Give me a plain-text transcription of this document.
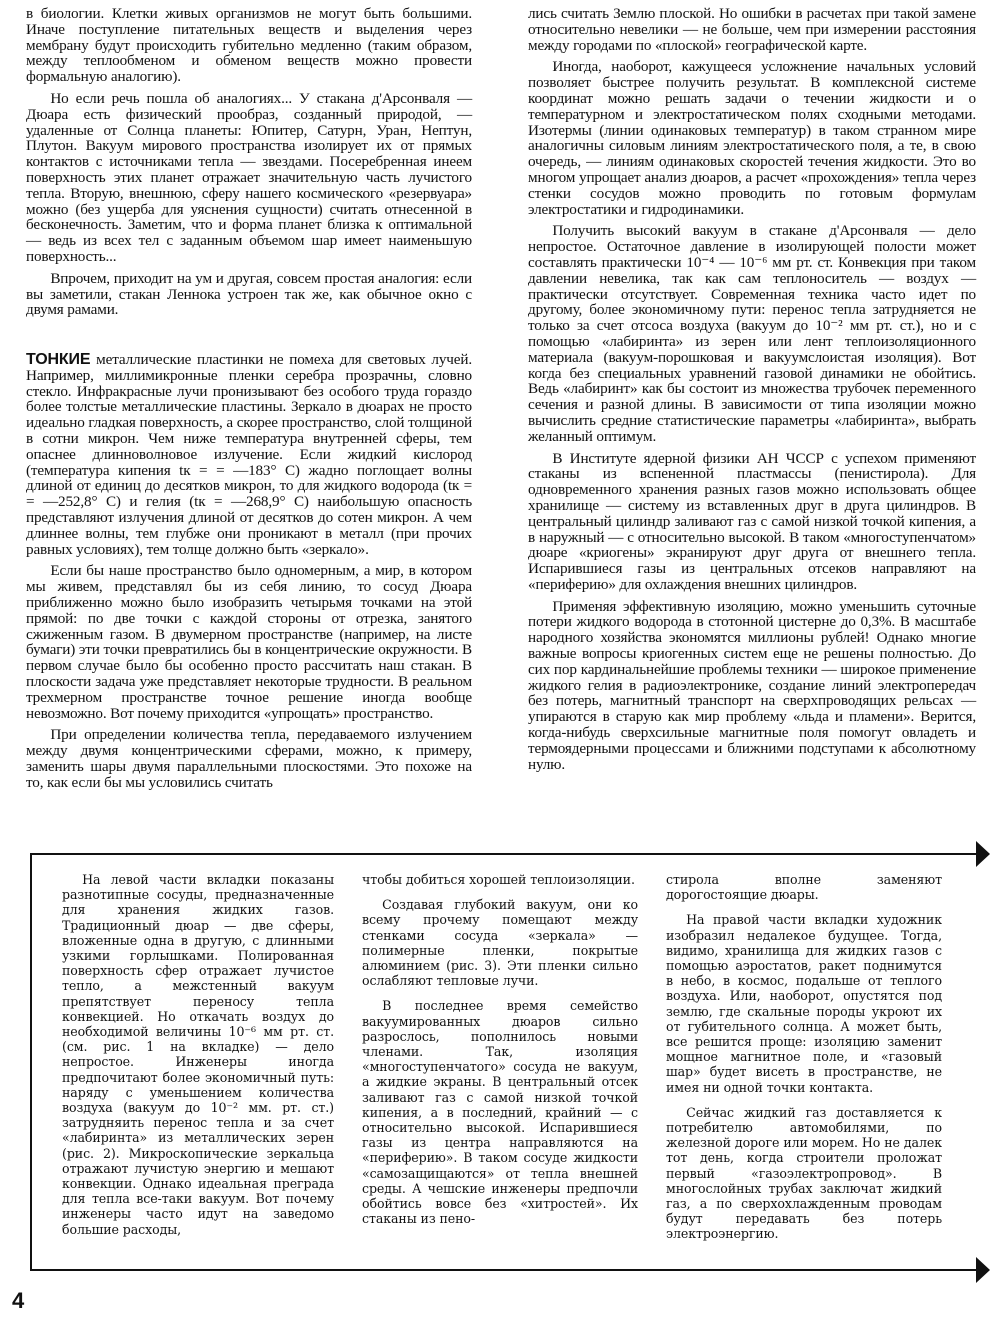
в биологии. Клетки живых организмов не могут быть большими. Иначе поступление питательных веществ и выделения через мембрану будут происходить губительно медленно (таким образом, между теплообменом и обменом веществ можно провести формальную аналогию).

Но если речь пошла об аналогиях... У стакана д'Арсонваля — Дюара есть физический прообраз, созданный природой, — удаленные от Солнца планеты: Юпитер, Сатурн, Уран, Нептун, Плутон. Вакуум мирового пространства изолирует их от прямых контактов с источниками тепла — звездами. Посеребренная инеем поверхность этих планет отражает значительную часть лучистого тепла. Вторую, внешнюю, сферу нашего космического «резервуара» можно (без ущерба для уяснения сущности) считать отнесенной в бесконечность. Заметим, что и форма планет близка к оптимальной — ведь из всех тел с заданным объемом шар имеет наименьшую поверхность...

Впрочем, приходит на ум и другая, совсем простая аналогия: если вы заметили, стакан Леннока устроен так же, как обычное окно с двумя рамами.

ТОНКИЕ металлические пластинки не помеха для световых лучей. Например, миллимикронные пленки серебра прозрачны, словно стекло. Инфракрасные лучи пронизывают без особого труда гораздо более толстые металлические пластины. Зеркало в дюарах не просто идеально гладкая поверхность, а скорее пространство, слой толщиной в сотни микрон. Чем ниже температура внутренней сферы, тем опаснее длинноволновое излучение. Если жидкий кислород (температура кипения tк = = —183° С) жадно поглощает волны длиной от единиц до десятков микрон, то для жидкого водорода (tк = = —252,8° С) и гелия (tк = —268,9° С) наибольшую опасность представляют излучения длиной от десятков до сотен микрон. А чем длиннее волны, тем глубже они проникают в металл (при прочих равных условиях), тем толще должно быть «зеркало».

Если бы наше пространство было одномерным, а мир, в котором мы живем, представлял бы из себя линию, то сосуд Дюара приближенно можно было изобразить четырьмя точками на этой прямой: по две точки с каждой стороны от отрезка, занятого сжиженным газом. В двумерном пространстве (например, на листе бумаги) эти точки превратились бы в концентрические окружности. В первом случае было бы особенно просто рассчитать наш стакан. В плоскости задача уже представляет некоторые трудности. В реальном трехмерном пространстве точное решение иногда вообще невозможно. Вот почему приходится «упрощать» пространство.

При определении количества тепла, передаваемого излучением между двумя концентрическими сферами, можно, к примеру, заменить шары двумя параллельными плоскостями. Это похоже на то, как если бы мы условились считать

лись считать Землю плоской. Но ошибки в расчетах при такой замене относительно невелики — не больше, чем при измерении расстояния между городами по «плоской» географической карте.

Иногда, наоборот, кажущееся усложнение начальных условий позволяет быстрее получить результат. В комплексной системе координат можно решать задачи о течении жидкости и о температурном и электростатическом полях сходными методами. Изотермы (линии одинаковых температур) в таком странном мире аналогичны силовым линиям электростатического поля, а те, в свою очередь, — линиям одинаковых скоростей течения жидкости. Это во многом упрощает анализ дюаров, а расчет «прохождения» тепла через стенки сосудов можно проводить по готовым формулам электростатики и гидродинамики.

Получить высокий вакуум в стакане д'Арсонваля — дело непростое. Остаточное давление в изолирующей полости может составлять практически 10⁻⁴ — 10⁻⁶ мм рт. ст. Конвекция при таком давлении невелика, так как сам теплоноситель — воздух — практически отсутствует. Современная техника часто идет по другому, более экономичному пути: перенос тепла затрудняется не только за счет отсоса воздуха (вакуум до 10⁻² мм рт. ст.), но и с помощью «лабиринта» из зерен или лент теплоизоляционного материала (вакуум-порошковая и вакуумслоистая изоляция). Вот когда без специальных уравнений газовой динамики не обойтись. Ведь «лабиринт» как бы состоит из множества трубочек переменного сечения и разной длины. В зависимости от типа изоляции можно вычислить средние статистические параметры «лабиринта», выбрать желанный оптимум.

В Институте ядерной физики АН ЧССР с успехом применяют стаканы из вспененной пластмассы (пенистирола). Для одновременного хранения разных газов можно использовать общее хранилище — систему из вставленных друг в друга цилиндров. В центральный цилиндр заливают газ с самой низкой точкой кипения, а в наружный — с относительно высокой. В таком «многоступенчатом» дюаре «криогены» экранируют друг друга от внешнего тепла. Испарившиеся газы из центральных отсеков направляют на «периферию» для охлаждения внешних цилиндров.

Применяя эффективную изоляцию, можно уменьшить суточные потери жидкого водорода в стотонной цистерне до 0,3%. В масштабе народного хозяйства экономятся миллионы рублей! Однако многие важные вопросы криогенных систем еще не решены полностью. До сих пор кардинальнейшие проблемы техники — широкое применение жидкого гелия в радиоэлектронике, создание линий электропередач без потерь, магнитный транспорт на сверхпроводящих рельсах — упираются в старую как мир проблему «льда и пламени». Верится, когда-нибудь сверхсильные магнитные поля помогут овладеть и термоядерными процессами и ближними подступами к абсолютному нулю.

На левой части вкладки показаны разнотипные сосуды, предназначенные для хранения жидких газов. Традиционный дюар — две сферы, вложенные одна в другую, с длинными узкими горлышками. Полированная поверхность сфер отражает лучистое тепло, а межстенный вакуум препятствует переносу тепла конвекцией. Но откачать воздух до необходимой величины 10⁻⁶ мм рт. ст. (см. рис. 1 на вкладке) — дело непростое. Инженеры иногда предпочитают более экономичный путь: наряду с уменьшением количества воздуха (вакуум до 10⁻² мм. рт. ст.) затрудняить перенос тепла и за счет «лабиринта» из металлических зерен (рис. 2). Микроскопические зеркальца отражают лучистую энергию и мешают конвекции. Однако идеальная преграда для тепла все-таки вакуум. Вот почему инженеры часто идут на заведомо большие расходы,

чтобы добиться хорошей теплоизоляции.

Создавая глубокий вакуум, они ко всему прочему помещают между стенками сосуда «зеркала» — полимерные пленки, покрытые алюминием (рис. 3). Эти пленки сильно ослабляют тепловые лучи.

В последнее время семейство вакуумированных дюаров сильно разрослось, пополнилось новыми членами. Так, изоляция «многоступенчатого» сосуда не вакуум, а жидкие экраны. В центральный отсек заливают газ с самой низкой точкой кипения, а в последний, крайний — с относительно высокой. Испарившиеся газы из центра направляются на «периферию». В таком сосуде жидкости «самозащищаются» от тепла внешней среды. А чешские инженеры предпочли обойтись вовсе без «хитростей». Их стаканы из пено-

стирола вполне заменяют дорогостоящие дюары.

На правой части вкладки художник изобразил недалекое будущее. Тогда, видимо, хранилища для жидких газов с помощью аэростатов, ракет поднимутся в небо, в космос, подальше от теплого воздуха. Или, наоборот, опустятся под землю, где скальные породы укроют их от губительного солнца. А может быть, все решится проще: изоляцию заменит мощное магнитное поле, и «газовый шар» будет висеть в пространстве, не имея ни одной точки контакта.

Сейчас жидкий газ доставляется к потребителю автомобилями, по железной дороге или морем. Но не далек тот день, когда строители проложат первый «газоэлектропровод». В многослойных трубах заключат жидкий газ, а по сверхохлажденным проводам будут передавать без потерь электроэнергию.

4
